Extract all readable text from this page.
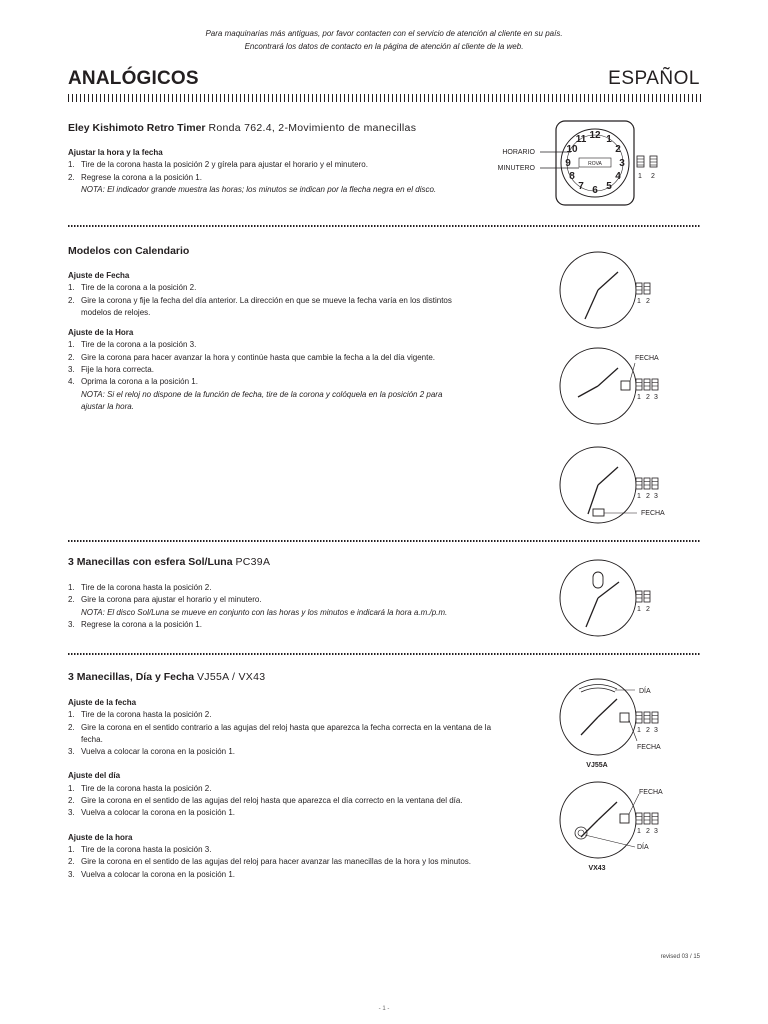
Para maquinarias más antiguas, por favor contacten con el servicio de atención al cliente en su país.
Encontrará los datos de contacto en la página de atención al cliente de la web.
ANALÓGICOS	ESPAÑOL
Eley Kishimoto Retro Timer Ronda 762.4, 2-Movimiento de manecillas
Ajustar la hora y la fecha
1. Tire de la corona hasta la posición 2 y gírela para ajustar el horario y el minutero.
2. Regrese la corona a la posición 1.
NOTA: El indicador grande muestra las horas; los minutos se indican por la flecha negra en el disco.
12 1
2
3
4
5
6
7
8
9
10
11
ROVA
HORARIO
MINUTERO
1 2
Modelos con Calendario
Ajuste de Fecha
1. Tire de la corona a la posición 2.
2. Gire la corona y fije la fecha del día anterior. La dirección en que se mueve la fecha varía en los distintos modelos de relojes.
Ajuste de la Hora
1. Tire de la corona a la posición 3.
2. Gire la corona para hacer avanzar la hora y continúe hasta que cambie la fecha a la del día vigente.
3. Fije la hora correcta.
4. Oprima la corona a la posición 1.
NOTA: Si el reloj no dispone de la función de fecha, tire de la corona y colóquela en la posición 2 para ajustar la hora.
1 2
FECHA
1 2 3
FECHA
1 2 3
3 Manecillas con esfera Sol/Luna PC39A
1. Tire de la corona hasta la posición 2.
2. Gire la corona para ajustar el horario y el minutero.
NOTA: El disco Sol/Luna se mueve en conjunto con las horas y los minutos e indicará la hora a.m./p.m.
3. Regrese la corona a la posición 1.
1 2
3 Manecillas, Día y Fecha VJ55A / VX43
Ajuste de la fecha
1. Tire de la corona hasta la posición 2.
2. Gire la corona en el sentido contrario a las agujas del reloj hasta que aparezca la fecha correcta en la ventana de la fecha.
3. Vuelva a colocar la corona en la posición 1.
Ajuste del día
1. Tire de la corona hasta la posición 2.
2. Gire la corona en el sentido de las agujas del reloj hasta que aparezca el día correcto en la ventana del día.
3. Vuelva a colocar la corona en la posición 1.
Ajuste de la hora
1. Tire de la corona hasta la posición 3.
2. Gire la corona en el sentido de las agujas del reloj para hacer avanzar las manecillas de la hora y los minutos.
3. Vuelva a colocar la corona en la posición 1.
DÍA
FECHA
1 2 3
VJ55A
FECHA
DÍA
1 2 3
VX43
revised 03 / 15
- 1 -
